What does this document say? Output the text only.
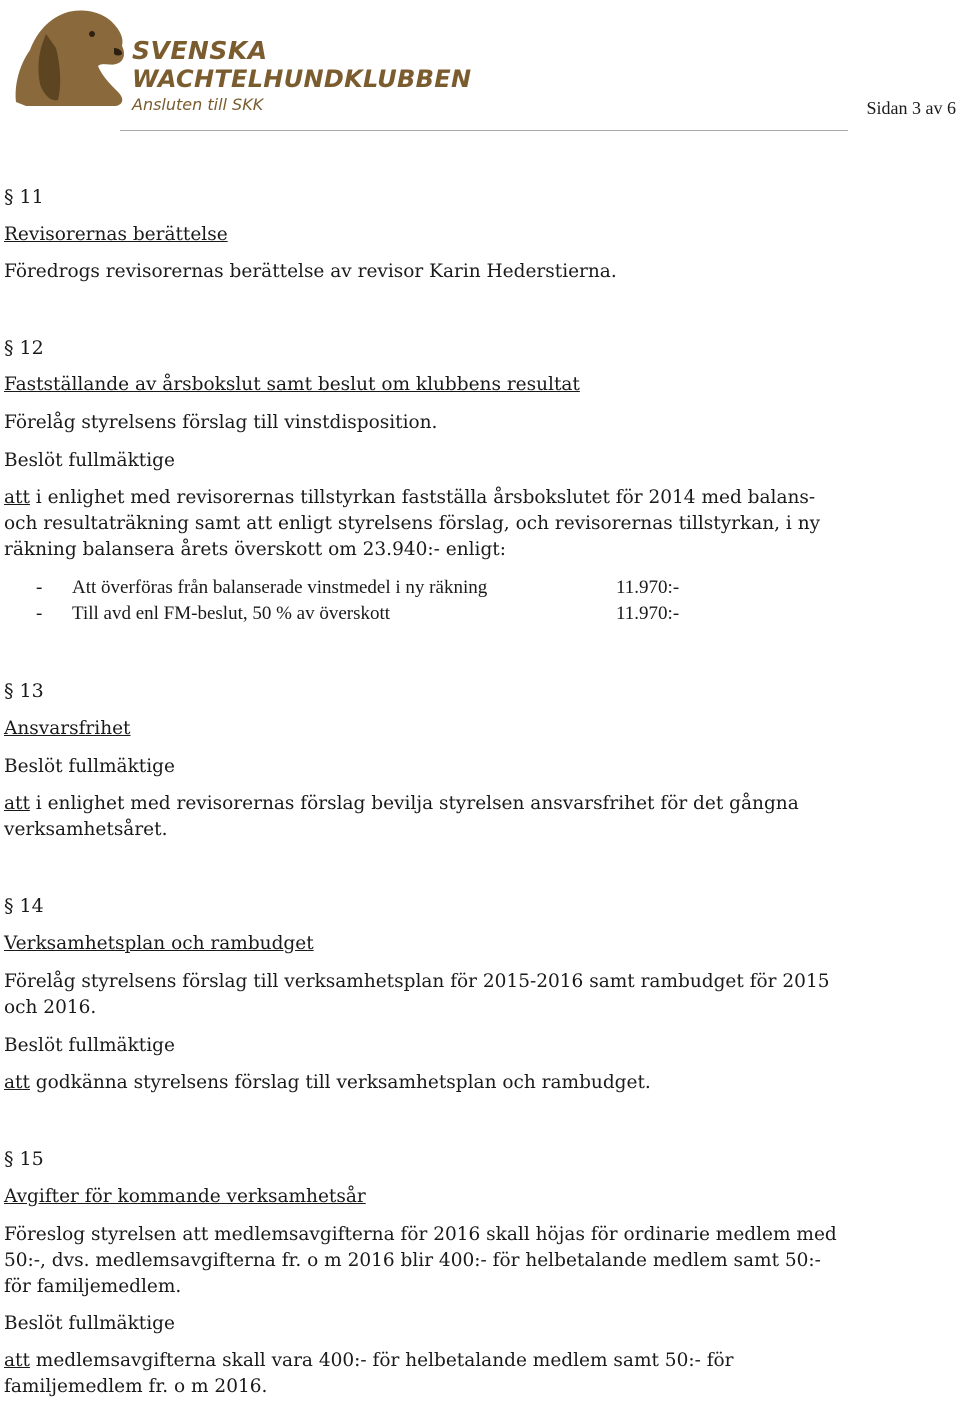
SVENSKA
WACHTELHUNDKLUBBEN
Ansluten till SKK	Sidan 3 av 6
§ 11
Revisorernas berättelse
Föredrogs revisorernas berättelse av revisor Karin Hederstierna.
§ 12
Fastställande av årsbokslut samt beslut om klubbens resultat
Förelåg styrelsens förslag till vinstdisposition.
Beslöt fullmäktige
att i enlighet med revisorernas tillstyrkan fastställa årsbokslutet för 2014 med balans-
och resultaträkning samt att enligt styrelsens förslag, och revisorernas tillstyrkan, i ny
räkning balansera årets överskott om 23.940:- enligt:
- Att överföras från balanserade vinstmedel i ny räkning	11.970:-
- Till avd enl FM-beslut, 50 % av överskott	11.970:-
§ 13
Ansvarsfrihet
Beslöt fullmäktige
att i enlighet med revisorernas förslag bevilja styrelsen ansvarsfrihet för det gångna
verksamhetsåret.
§ 14
Verksamhetsplan och rambudget
Förelåg styrelsens förslag till verksamhetsplan för 2015-2016 samt rambudget för 2015
och 2016.
Beslöt fullmäktige
att godkänna styrelsens förslag till verksamhetsplan och rambudget.
§ 15
Avgifter för kommande verksamhetsår
Föreslog styrelsen att medlemsavgifterna för 2016 skall höjas för ordinarie medlem med
50:-, dvs. medlemsavgifterna fr. o m 2016 blir 400:- för helbetalande medlem samt 50:-
för familjemedlem.
Beslöt fullmäktige
att medlemsavgifterna skall vara 400:- för helbetalande medlem samt 50:- för
familjemedlem fr. o m 2016.
